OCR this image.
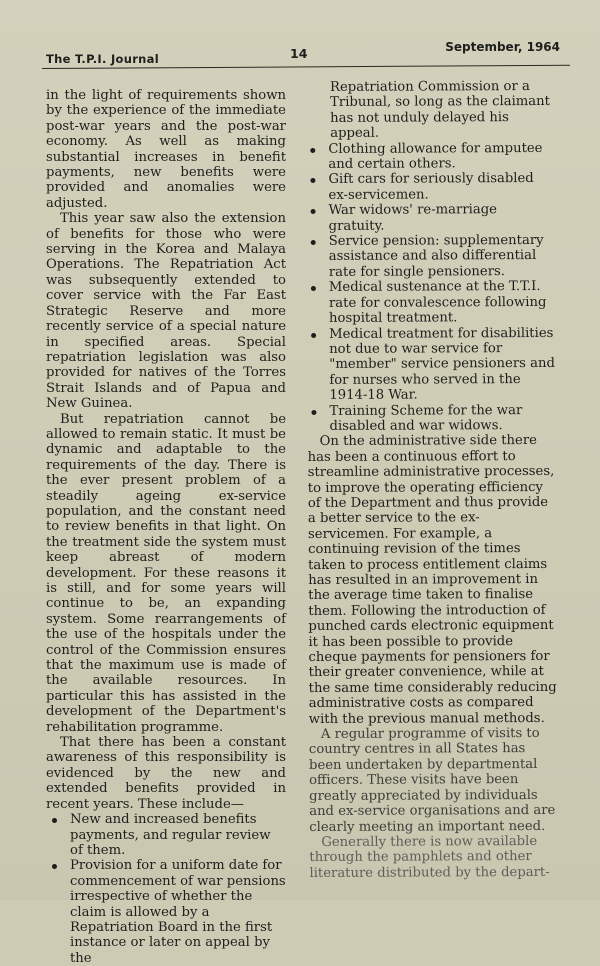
The T.P.I. Journal	14	September, 1964

in the light of requirements shown by the experience of the immediate post-war years and the post-war economy. As well as making substantial increases in benefit payments, new benefits were provided and anomalies were adjusted.

This year saw also the extension of benefits for those who were serving in the Korea and Malaya Operations. The Repatriation Act was subsequently extended to cover service with the Far East Strategic Reserve and more recently service of a special nature in specified areas. Special repatriation legislation was also provided for natives of the Torres Strait Islands and of Papua and New Guinea.

But repatriation cannot be allowed to remain static. It must be dynamic and adaptable to the requirements of the day. There is the ever present problem of a steadily ageing ex-service population, and the constant need to review benefits in that light. On the treatment side the system must keep abreast of modern development. For these reasons it is still, and for some years will continue to be, an expanding system. Some rearrangements of the use of the hospitals under the control of the Commission ensures that the maximum use is made of the available resources. In particular this has assisted in the development of the Department's rehabilitation programme.

That there has been a constant awareness of this responsibility is evidenced by the new and extended benefits provided in recent years. These include—

New and increased benefits payments, and regular review of them.
Provision for a uniform date for commencement of war pensions irrespective of whether the claim is allowed by a Repatriation Board in the first instance or later on appeal by the

Repatriation Commission or a Tribunal, so long as the claimant has not unduly delayed his appeal.

Clothing allowance for amputee and certain others.
Gift cars for seriously disabled ex-servicemen.
War widows' re-marriage gratuity.
Service pension: supplementary assistance and also differential rate for single pensioners.
Medical sustenance at the T.T.I. rate for convalescence following hospital treatment.
Medical treatment for disabilities not due to war service for "member" service pensioners and for nurses who served in the 1914-18 War.
Training Scheme for the war disabled and war widows.

On the administrative side there has been a continuous effort to streamline administrative processes, to improve the operating efficiency of the Department and thus provide a better service to the ex-servicemen. For example, a continuing revision of the times taken to process entitlement claims has resulted in an improvement in the average time taken to finalise them. Following the introduction of punched cards electronic equipment it has been possible to provide cheque payments for pensioners for their greater convenience, while at the same time considerably reducing administrative costs as compared with the previous manual methods.

A regular programme of visits to country centres in all States has been undertaken by departmental officers. These visits have been greatly appreciated by individuals and ex-service organisations and are clearly meeting an important need.

Generally there is now available through the pamphlets and other literature distributed by the depart-
